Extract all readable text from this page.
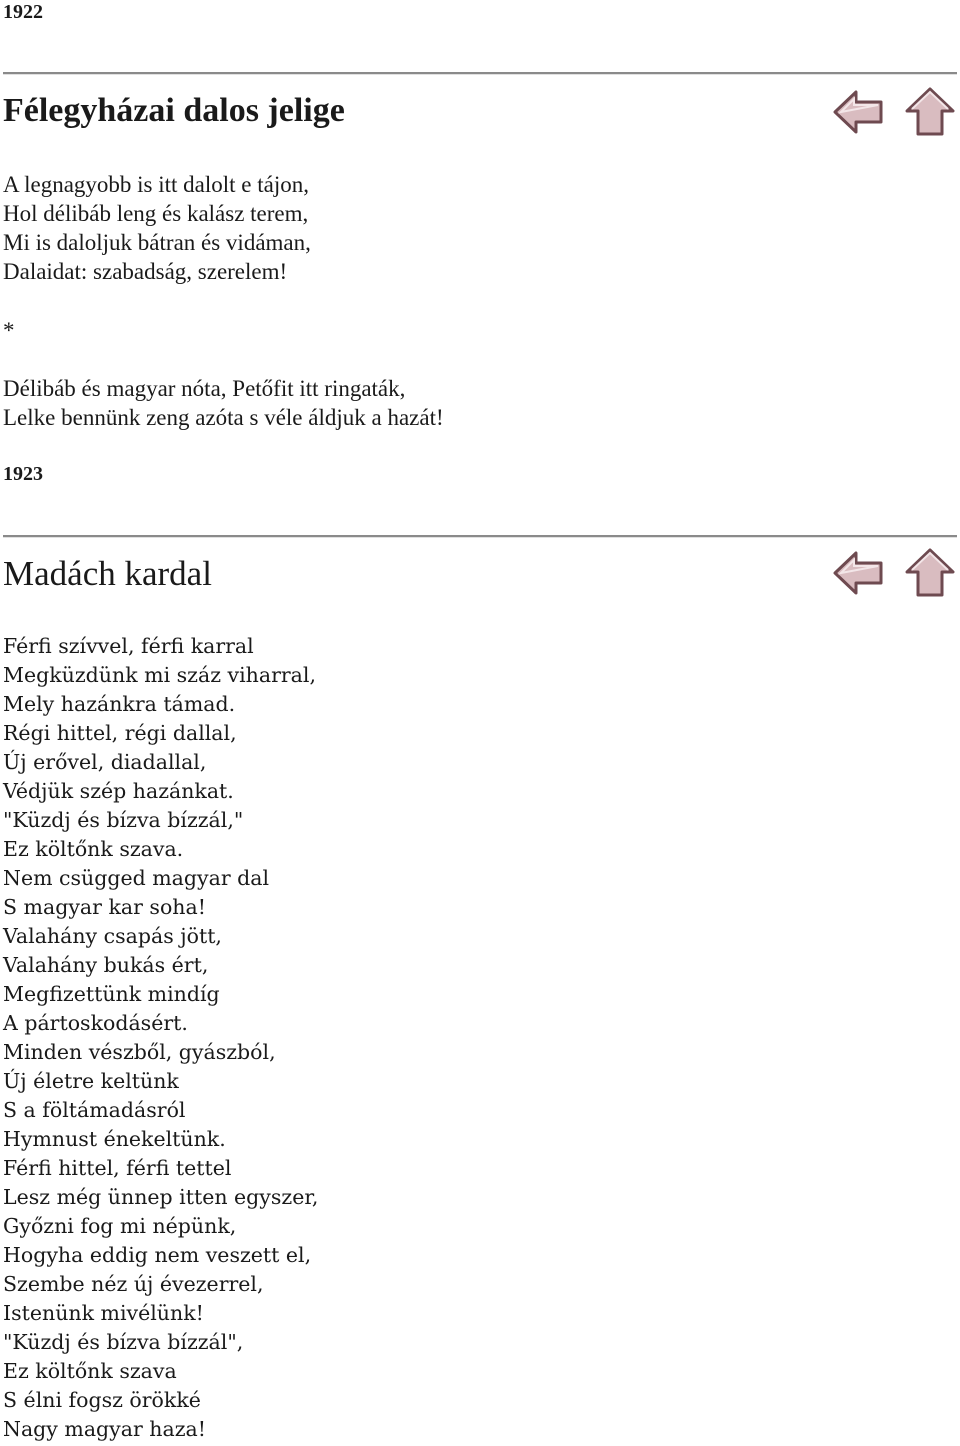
1922
Félegyházai dalos jelige
A legnagyobb is itt dalolt e tájon,
Hol délibáb leng és kalász terem,
Mi is daloljuk bátran és vidáman,
Dalaidat: szabadság, szerelem!

*

Délibáb és magyar nóta, Petőfit itt ringaták,
Lelke bennünk zeng azóta s véle áldjuk a hazát!
1923
Madách kardal
Férfi szívvel, férfi karral
Megküzdünk mi száz viharral,
Mely hazánkra támad.
Régi hittel, régi dallal,
Új erővel, diadallal,
Védjük szép hazánkat.
"Küzdj és bízva bízzál,"
Ez költőnk szava.
Nem csügged magyar dal
S magyar kar soha!
Valahány csapás jött,
Valahány bukás ért,
Megfizettünk mindíg
A pártoskodásért.
Minden vészből, gyászból,
Új életre keltünk
S a föltámadásról
Hymnust énekeltünk.
Férfi hittel, férfi tettel
Lesz még ünnep itten egyszer,
Győzni fog mi népünk,
Hogyha eddig nem veszett el,
Szembe néz új évezerrel,
Istenünk mivélünk!
"Küzdj és bízva bízzál",
Ez költőnk szava
S élni fogsz örökké
Nagy magyar haza!
